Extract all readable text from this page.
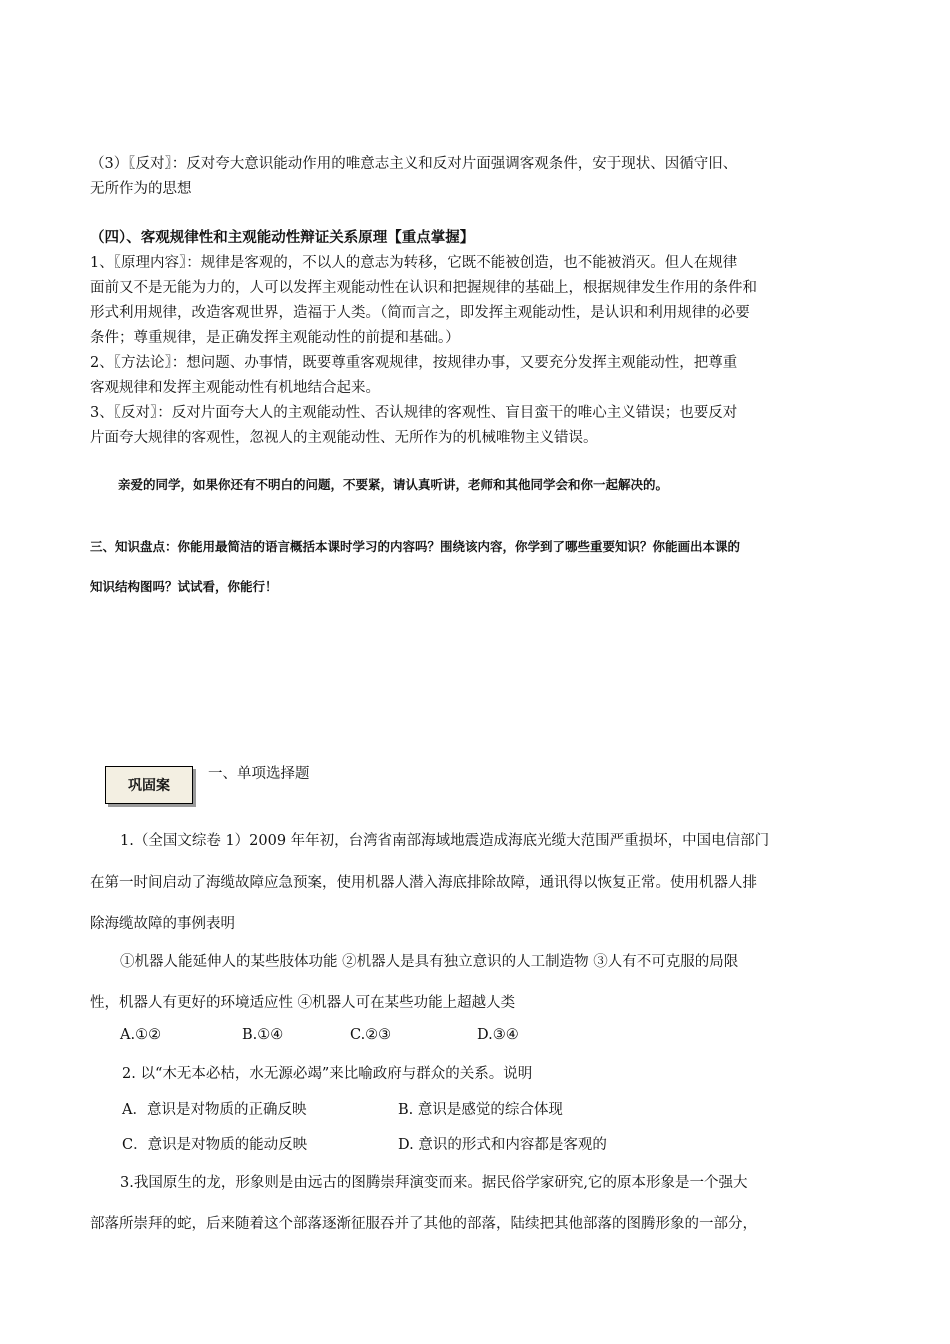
（3）〖反对〗：反对夸大意识能动作用的唯意志主义和反对片面强调客观条件，安于现状、因循守旧、
无所作为的思想
（四）、客观规律性和主观能动性辩证关系原理【重点掌握】
1、〖原理内容〗：规律是客观的，不以人的意志为转移，它既不能被创造，也不能被消灭。但人在规律
面前又不是无能为力的，人可以发挥主观能动性在认识和把握规律的基础上，根据规律发生作用的条件和
形式利用规律，改造客观世界，造福于人类。（简而言之，即发挥主观能动性，是认识和利用规律的必要
条件；尊重规律，是正确发挥主观能动性的前提和基础。）
2、〖方法论〗：想问题、办事情，既要尊重客观规律，按规律办事，又要充分发挥主观能动性，把尊重
客观规律和发挥主观能动性有机地结合起来。
3、〖反对〗：反对片面夸大人的主观能动性、否认规律的客观性、盲目蛮干的唯心主义错误；也要反对
片面夸大规律的客观性，忽视人的主观能动性、无所作为的机械唯物主义错误。
亲爱的同学，如果你还有不明白的问题，不要紧，请认真听讲，老师和其他同学会和你一起解决的。
三、知识盘点：你能用最简洁的语言概括本课时学习的内容吗？围绕该内容，你学到了哪些重要知识？你能画出本课的
知识结构图吗？试试看，你能行！
巩固案
一、单项选择题
1.（全国文综卷 1）2009 年年初，台湾省南部海域地震造成海底光缆大范围严重损坏，中国电信部门
在第一时间启动了海缆故障应急预案，使用机器人潜入海底排除故障，通讯得以恢复正常。使用机器人排
除海缆故障的事例表明
①机器人能延伸人的某些肢体功能 ②机器人是具有独立意识的人工制造物 ③人有不可克服的局限
性，机器人有更好的环境适应性 ④机器人可在某些功能上超越人类
A.①②	B.①④	C.②③	D.③④
2. 以“木无本必枯，水无源必竭”来比喻政府与群众的关系。说明
A．意识是对物质的正确反映	B. 意识是感觉的综合体现
C．意识是对物质的能动反映	D. 意识的形式和内容都是客观的
3.我国原生的龙，形象则是由远古的图腾崇拜演变而来。据民俗学家研究,它的原本形象是一个强大
部落所崇拜的蛇，后来随着这个部落逐渐征服吞并了其他的部落，陆续把其他部落的图腾形象的一部分，
